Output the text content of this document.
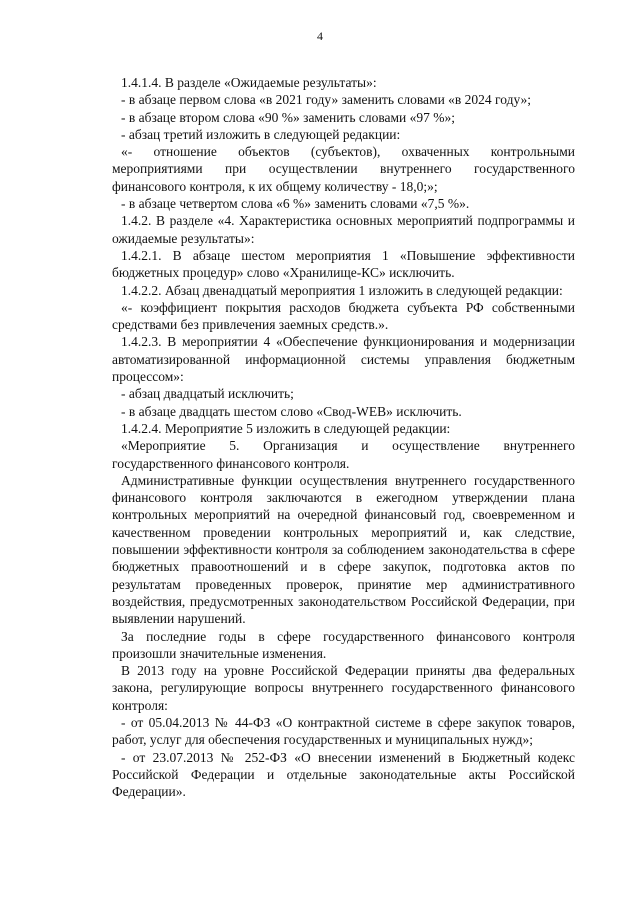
4

1.4.1.4. В разделе «Ожидаемые результаты»:

- в абзаце первом слова «в 2021 году» заменить словами «в 2024 году»;

- в абзаце втором слова «90 %» заменить словами «97 %»;

- абзац третий изложить в следующей редакции:

«- отношение объектов (субъектов), охваченных контрольными мероприятиями при осуществлении внутреннего государственного финансового контроля, к их общему количеству - 18,0;»;

- в абзаце четвертом слова «6 %» заменить словами «7,5 %».

1.4.2. В разделе «4. Характеристика основных мероприятий подпрограммы и ожидаемые результаты»:

1.4.2.1. В абзаце шестом мероприятия 1 «Повышение эффективности бюджетных процедур» слово «Хранилище-КС» исключить.

1.4.2.2. Абзац двенадцатый мероприятия 1 изложить в следующей редакции:

«- коэффициент покрытия расходов бюджета субъекта РФ собственными средствами без привлечения заемных средств.».

1.4.2.3. В мероприятии 4 «Обеспечение функционирования и модернизации автоматизированной информационной системы управления бюджетным процессом»:

- абзац двадцатый исключить;

- в абзаце двадцать шестом слово «Свод-WEB» исключить.

1.4.2.4. Мероприятие 5 изложить в следующей редакции:

«Мероприятие 5. Организация и осуществление внутреннего государственного финансового контроля.

Административные функции осуществления внутреннего государственного финансового контроля заключаются в ежегодном утверждении плана контрольных мероприятий на очередной финансовый год, своевременном и качественном проведении контрольных мероприятий и, как следствие, повышении эффективности контроля за соблюдением законодательства в сфере бюджетных правоотношений и в сфере закупок, подготовка актов по результатам проведенных проверок, принятие мер административного воздействия, предусмотренных законодательством Российской Федерации, при выявлении нарушений.

За последние годы в сфере государственного финансового контроля произошли значительные изменения.

В 2013 году на уровне Российской Федерации приняты два федеральных закона, регулирующие вопросы внутреннего государственного финансового контроля:

- от 05.04.2013 № 44-ФЗ «О контрактной системе в сфере закупок товаров, работ, услуг для обеспечения государственных и муниципальных нужд»;

- от 23.07.2013 № 252-ФЗ «О внесении изменений в Бюджетный кодекс Российской Федерации и отдельные законодательные акты Российской Федерации».
